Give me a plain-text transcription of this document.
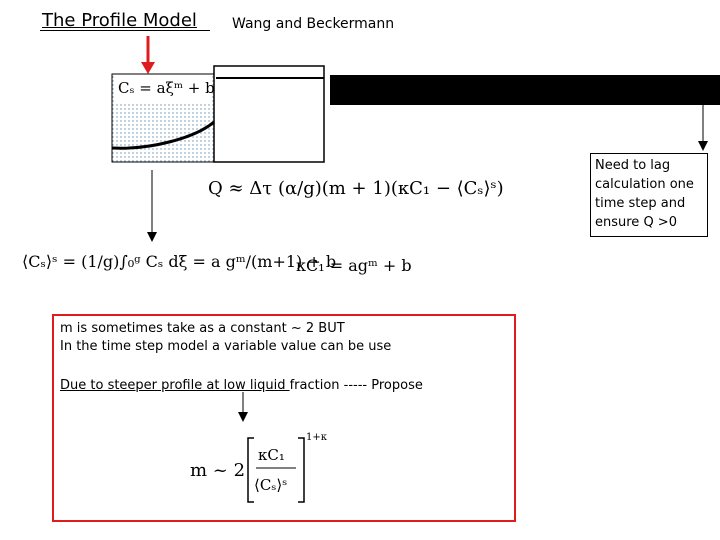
The Profile Model	Wang and Beckermann
Cₛ = aξᵐ + b
Q ≈ Δτ (α/g)(m + 1)(κC₁ − ⟨Cₛ⟩ˢ)
⟨Cₛ⟩ˢ = (1/g)∫₀ᵍ Cₛ dξ = a gᵐ/(m+1) + b
κC₁ = agᵐ + b
Need to lag calculation one time step and ensure Q >0
m is sometimes take as a constant ~ 2 BUT
In the time step model a variable value can be use
Due to steeper profile at low liquid fraction ----- Propose
m ~ 2
κC₁
⟨Cₛ⟩ˢ
1+κ
